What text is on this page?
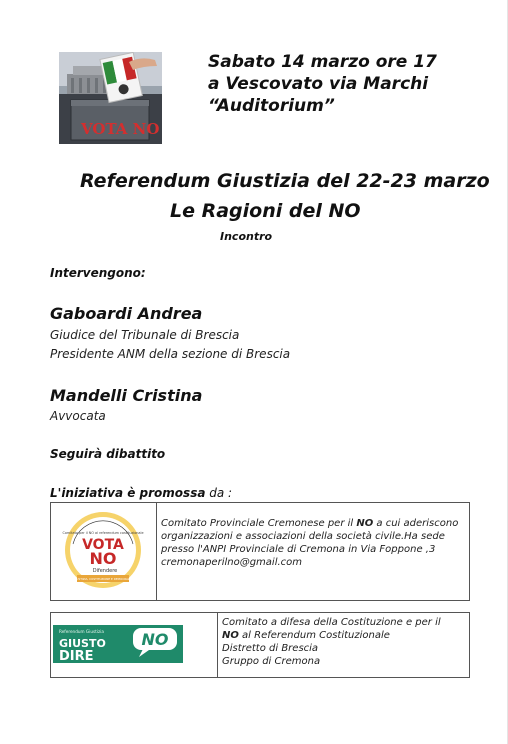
VOTA NO
Sabato 14 marzo ore 17
a Vescovato via Marchi
“Auditorium”
Referendum Giustizia del 22-23 marzo
Le Ragioni del NO
Incontro
Intervengono:
Gaboardi Andrea
Giudice del Tribunale di Brescia
Presidente ANM della sezione di Brescia
Mandelli Cristina
Avvocata
Seguirà dibattito
L'iniziativa è promossa da :
Comitato per il NO al referendum costituzionale
VOTA
NO
Difendere
GIUSTIZIA, COSTITUZIONE E DEMOCRAZIA
Comitato Provinciale Cremonese per il NO a cui aderiscono organizzazioni e associazioni della società civile.Ha sede presso l'ANPI Provinciale di Cremona in Via Foppone ,3 cremonaperilno@gmail.com
Referendum Giustizia
GIUSTO
DIRE
NO
Comitato a difesa della Costituzione e per il
NO al Referendum Costituzionale
Distretto di Brescia
Gruppo di Cremona
